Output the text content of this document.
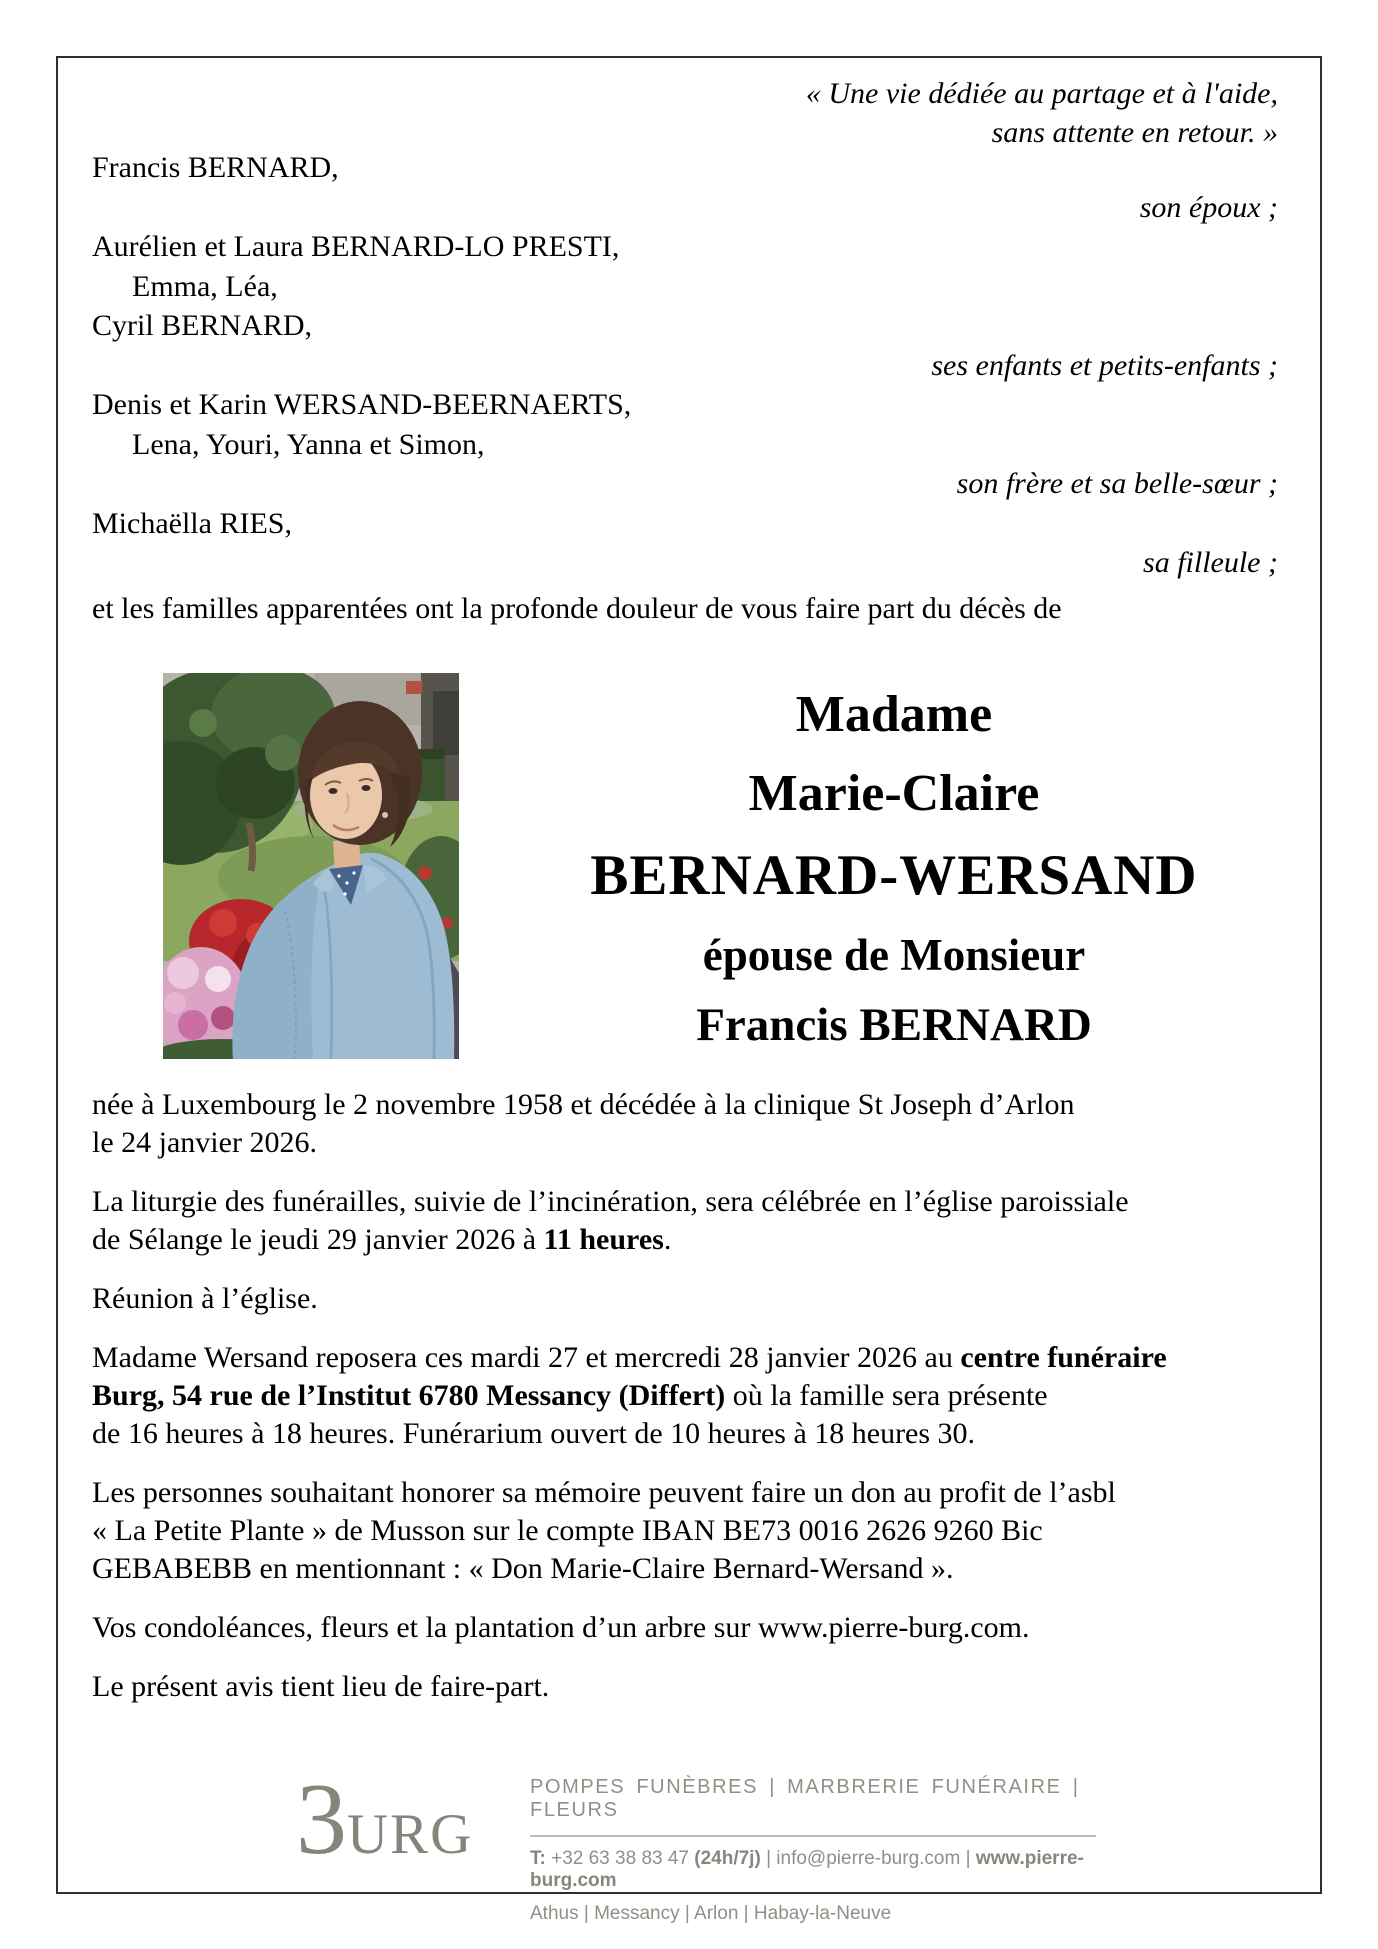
« Une vie dédiée au partage et à l'aide,
sans attente en retour. »
Francis BERNARD,
son époux ;
Aurélien et Laura BERNARD-LO PRESTI,
Emma, Léa,
Cyril BERNARD,
ses enfants et petits-enfants ;
Denis et Karin WERSAND-BEERNAERTS,
Lena, Youri, Yanna et Simon,
son frère et sa belle-sœur ;
Michaëlla RIES,
sa filleule ;
et les familles apparentées ont la profonde douleur de vous faire part du décès de
Madame
Marie-Claire
BERNARD-WERSAND
épouse de Monsieur
Francis BERNARD
née à Luxembourg le 2 novembre 1958 et décédée à la clinique St Joseph d’Arlon
le 24 janvier 2026.
La liturgie des funérailles, suivie de l’incinération, sera célébrée en l’église paroissiale
de Sélange le jeudi 29 janvier 2026 à 11 heures.
Réunion à l’église.
Madame Wersand reposera ces mardi 27 et mercredi 28 janvier 2026 au centre funéraire
Burg, 54 rue de l’Institut 6780 Messancy (Differt) où la famille sera présente
de 16 heures à 18 heures. Funérarium ouvert de 10 heures à 18 heures 30.
Les personnes souhaitant honorer sa mémoire peuvent faire un don au profit de l’asbl
« La Petite Plante » de Musson sur le compte IBAN BE73 0016 2626 9260 Bic
GEBABEBB en mentionnant : « Don Marie-Claire Bernard-Wersand ».
Vos condoléances, fleurs et la plantation d’un arbre sur www.pierre-burg.com.
Le présent avis tient lieu de faire-part.
3 URG
POMPES FUNÈBRES | MARBRERIE FUNÉRAIRE | FLEURS
T: +32 63 38 83 47 (24h/7j) | info@pierre-burg.com | www.pierre-burg.com
Athus | Messancy | Arlon | Habay-la-Neuve
